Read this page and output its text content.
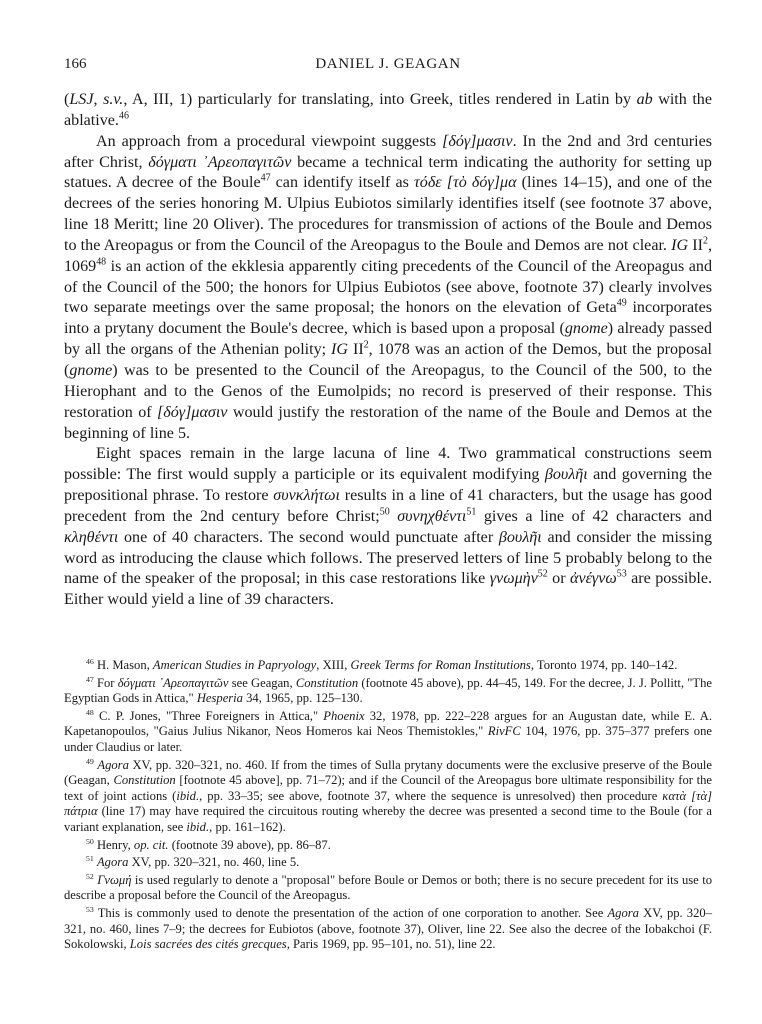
166	DANIEL J. GEAGAN

(LSJ, s.v., A, III, 1) particularly for translating, into Greek, titles rendered in Latin by ab with the ablative.$^{46}$

An approach from a procedural viewpoint suggests [δόγ]μασιν. In the 2nd and 3rd centuries after Christ, δόγματι ᾿Αρεοπαγιτῶν became a technical term indicating the authority for setting up statues. A decree of the Boule$^{47}$ can identify itself as τόδε [τὸ δόγ]μα (lines 14–15), and one of the decrees of the series honoring M. Ulpius Eubiotos similarly identifies itself (see footnote 37 above, line 18 Meritt; line 20 Oliver). The procedures for transmission of actions of the Boule and Demos to the Areopagus or from the Council of the Areopagus to the Boule and Demos are not clear. IG $II^2$, 1069$^{48}$ is an action of the ekklesia apparently citing precedents of the Council of the Areopagus and of the Council of the 500; the honors for Ulpius Eubiotos (see above, footnote 37) clearly involves two separate meetings over the same proposal; the honors on the elevation of Geta$^{49}$ incorporates into a prytany document the Boule's decree, which is based upon a proposal (gnome) already passed by all the organs of the Athenian polity; IG $II^2$, 1078 was an action of the Demos, but the proposal (gnome) was to be presented to the Council of the Areopagus, to the Council of the 500, to the Hierophant and to the Genos of the Eumolpids; no record is preserved of their response. This restoration of [δόγ]μασιν would justify the restoration of the name of the Boule and Demos at the beginning of line 5.

Eight spaces remain in the large lacuna of line 4. Two grammatical constructions seem possible: The first would supply a participle or its equivalent modifying βουλῆι and governing the prepositional phrase. To restore συνκλήτωι results in a line of 41 characters, but the usage has good precedent from the 2nd century before Christ;$^{50}$ συνηχθέντι$^{51}$ gives a line of 42 characters and κληθέντι one of 40 characters. The second would punctuate after βουλῆι and consider the missing word as introducing the clause which follows. The preserved letters of line 5 probably belong to the name of the speaker of the proposal; in this case restorations like γνωμὴν$^{52}$ or ἀνέγνω$^{53}$ are possible. Either would yield a line of 39 characters.

$^{46}$ H. Mason, American Studies in Papryology, XIII, Greek Terms for Roman Institutions, Toronto 1974, pp. 140–142.

$^{47}$ For δόγματι ᾿Αρεοπαγιτῶν see Geagan, Constitution (footnote 45 above), pp. 44–45, 149. For the decree, J. J. Pollitt, "The Egyptian Gods in Attica," Hesperia 34, 1965, pp. 125–130.

$^{48}$ C. P. Jones, "Three Foreigners in Attica," Phoenix 32, 1978, pp. 222–228 argues for an Augustan date, while E. A. Kapetanopoulos, "Gaius Julius Nikanor, Neos Homeros kai Neos Themistokles," RivFC 104, 1976, pp. 375–377 prefers one under Claudius or later.

$^{49}$ Agora XV, pp. 320–321, no. 460. If from the times of Sulla prytany documents were the exclusive preserve of the Boule (Geagan, Constitution [footnote 45 above], pp. 71–72); and if the Council of the Areopagus bore ultimate responsibility for the text of joint actions (ibid., pp. 33–35; see above, footnote 37, where the sequence is unresolved) then procedure κατὰ [τὰ] πάτρια (line 17) may have required the circuitous routing whereby the decree was presented a second time to the Boule (for a variant explanation, see ibid., pp. 161–162).

$^{50}$ Henry, op. cit. (footnote 39 above), pp. 86–87.

$^{51}$ Agora XV, pp. 320–321, no. 460, line 5.

$^{52}$ Γνωμή is used regularly to denote a "proposal" before Boule or Demos or both; there is no secure precedent for its use to describe a proposal before the Council of the Areopagus.

$^{53}$ This is commonly used to denote the presentation of the action of one corporation to another. See Agora XV, pp. 320–321, no. 460, lines 7–9; the decrees for Eubiotos (above, footnote 37), Oliver, line 22. See also the decree of the Iobakchoi (F. Sokolowski, Lois sacrées des cités grecques, Paris 1969, pp. 95–101, no. 51), line 22.
